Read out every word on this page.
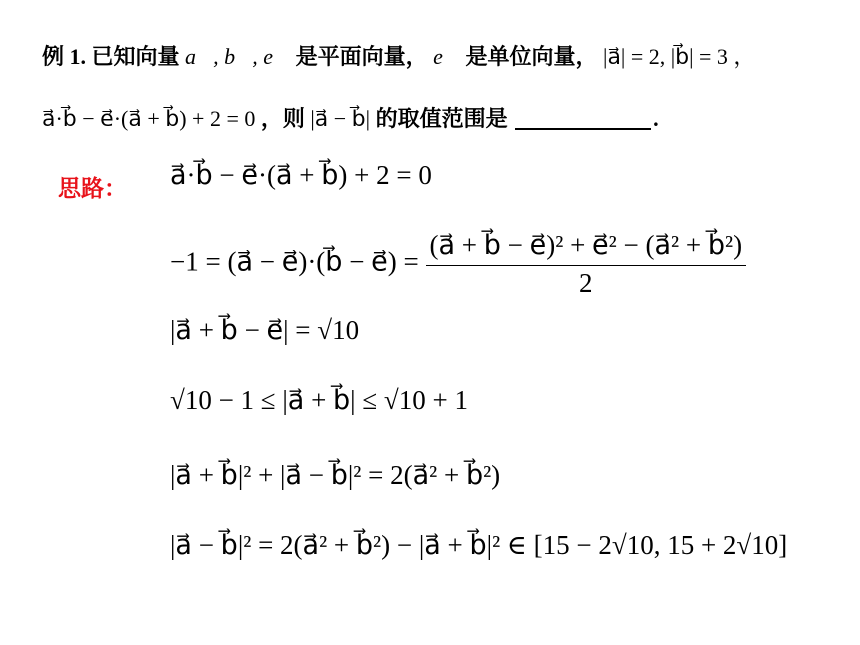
例 1. 已知向量 a⃗, b⃗, e⃗ 是平面向量， e⃗ 是单位向量， |a⃗| = 2, |b⃗| = 3 ，
a⃗·b⃗ − e⃗·(a⃗ + b⃗) + 2 = 0 ，则 |a⃗ − b⃗| 的取值范围是	.
思路： a⃗·b⃗ − e⃗·(a⃗ + b⃗) + 2 = 0
−1 = (a⃗ − e⃗)·(b⃗ − e⃗) = $\frac{\text{(a⃗ + b⃗ − e⃗)² + e⃗² − (a⃗² + b⃗²)}}{2}$
|a⃗ + b⃗ − e⃗| = √10
√10 − 1 ≤ |a⃗ + b⃗| ≤ √10 + 1
|a⃗ + b⃗|² + |a⃗ − b⃗|² = 2(a⃗² + b⃗²)
|a⃗ − b⃗|² = 2(a⃗² + b⃗²) − |a⃗ + b⃗|² ∈ [15 − 2√10, 15 + 2√10]
